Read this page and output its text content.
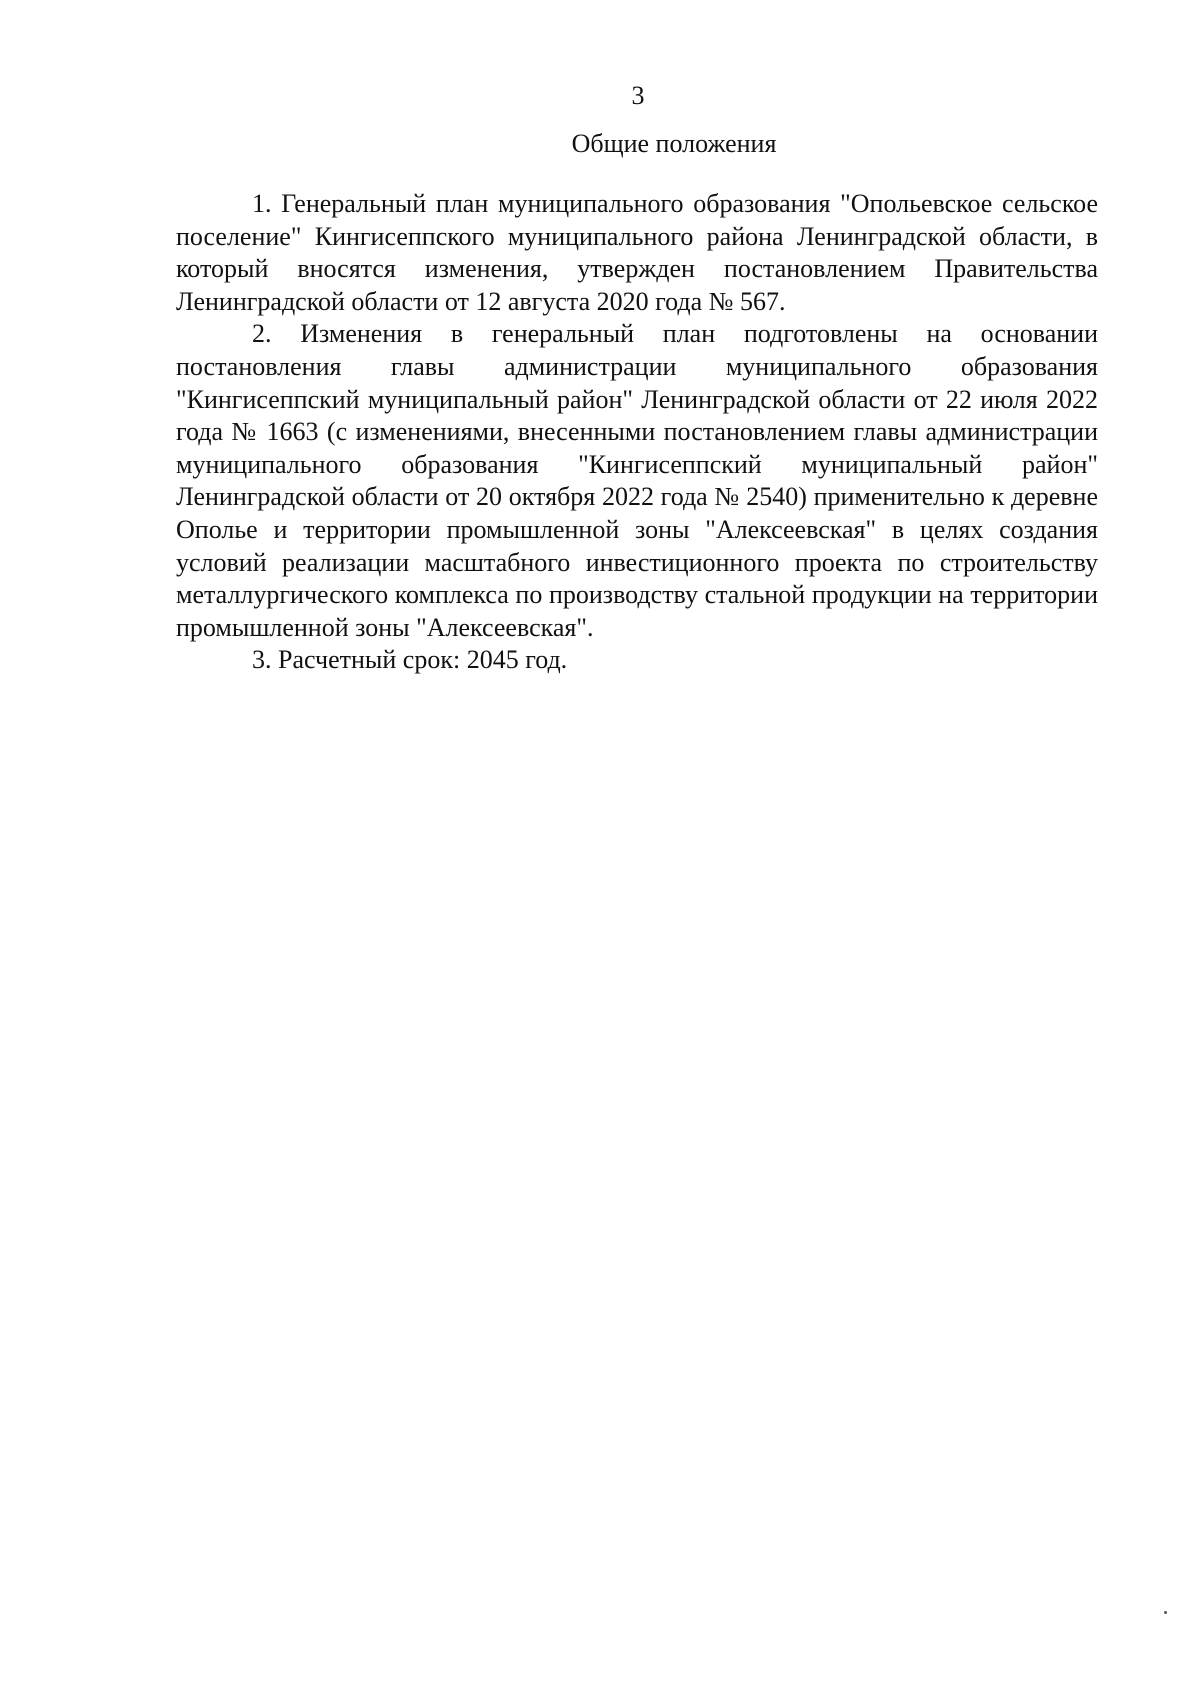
3
Общие положения

1. Генеральный план муниципального образования "Опольевское сельское поселение" Кингисеппского муниципального района Ленинградской области, в который вносятся изменения, утвержден постановлением Правительства Ленинградской области от 12 августа 2020 года № 567.

2. Изменения в генеральный план подготовлены на основании постановления главы администрации муниципального образования "Кингисеппский муниципальный район" Ленинградской области от 22 июля 2022 года № 1663 (с изменениями, внесенными постановлением главы администрации муниципального образования "Кингисеппский муниципальный район" Ленинградской области от 20 октября 2022 года № 2540) применительно к деревне Ополье и территории промышленной зоны "Алексеевская" в целях создания условий реализации масштабного инвестиционного проекта по строительству металлургического комплекса по производству стальной продукции на территории промышленной зоны "Алексеевская".

3. Расчетный срок: 2045 год.
